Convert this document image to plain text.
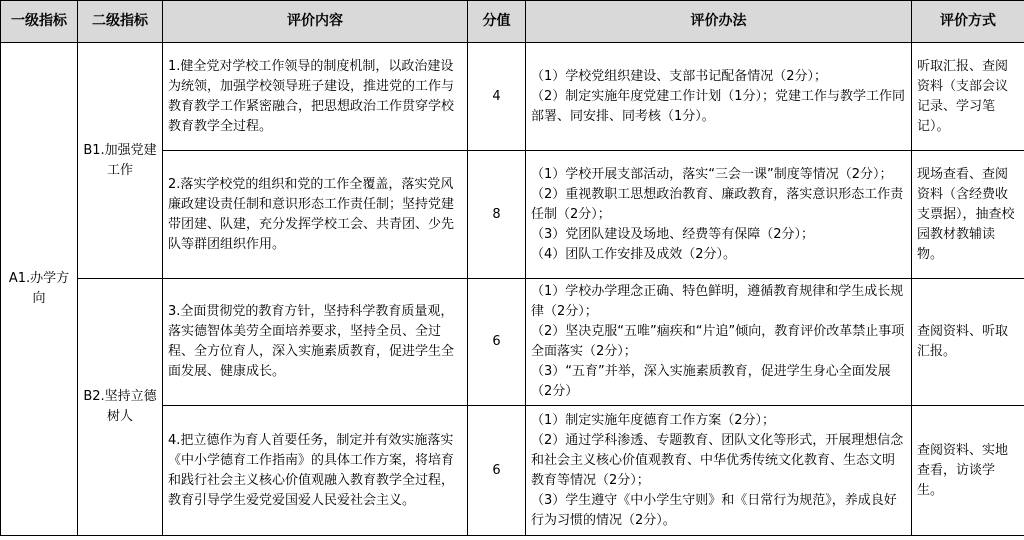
一级指标	二级指标	评价内容	分值	评价办法	评价方式
A1.办学方向	B1.加强党建工作	1.健全党对学校工作领导的制度机制，以政治建设为统领，加强学校领导班子建设，推进党的工作与教育教学工作紧密融合，把思想政治工作贯穿学校教育教学全过程。	4	（1）学校党组织建设、支部书记配备情况（2分）；
（2）制定实施年度党建工作计划（1分）；党建工作与教学工作同部署、同安排、同考核（1分）。	听取汇报、查阅资料（支部会议记录、学习笔记）。
		2.落实学校党的组织和党的工作全覆盖，落实党风廉政建设责任制和意识形态工作责任制；坚持党建带团建、队建，充分发挥学校工会、共青团、少先队等群团组织作用。	8	（1）学校开展支部活动，落实“三会一课”制度等情况（2分）；
（2）重视教职工思想政治教育、廉政教育，落实意识形态工作责任制（2分）；
（3）党团队建设及场地、经费等有保障（2分）；
（4）团队工作安排及成效（2分）。	现场查看、查阅资料（含经费收支票据），抽查校园教材教辅读物。
	B2.坚持立德树人	3.全面贯彻党的教育方针，坚持科学教育质量观，落实德智体美劳全面培养要求，坚持全员、全过程、全方位育人，深入实施素质教育，促进学生全面发展、健康成长。	6	（1）学校办学理念正确、特色鲜明，遵循教育规律和学生成长规律（2分）；
（2）坚决克服“五唯”痼疾和“片追”倾向，教育评价改革禁止事项全面落实（2分）；
（3）“五育”并举，深入实施素质教育，促进学生身心全面发展（2分）	查阅资料、听取汇报。
		4.把立德作为育人首要任务，制定并有效实施落实《中小学德育工作指南》的具体工作方案，将培育和践行社会主义核心价值观融入教育教学全过程，教育引导学生爱党爱国爱人民爱社会主义。	6	（1）制定实施年度德育工作方案（2分）；
（2）通过学科渗透、专题教育、团队文化等形式，开展理想信念和社会主义核心价值观教育、中华优秀传统文化教育、生态文明教育等情况（2分）；
（3）学生遵守《中小学生守则》和《日常行为规范》，养成良好行为习惯的情况（2分）。	查阅资料、实地查看，访谈学生。
